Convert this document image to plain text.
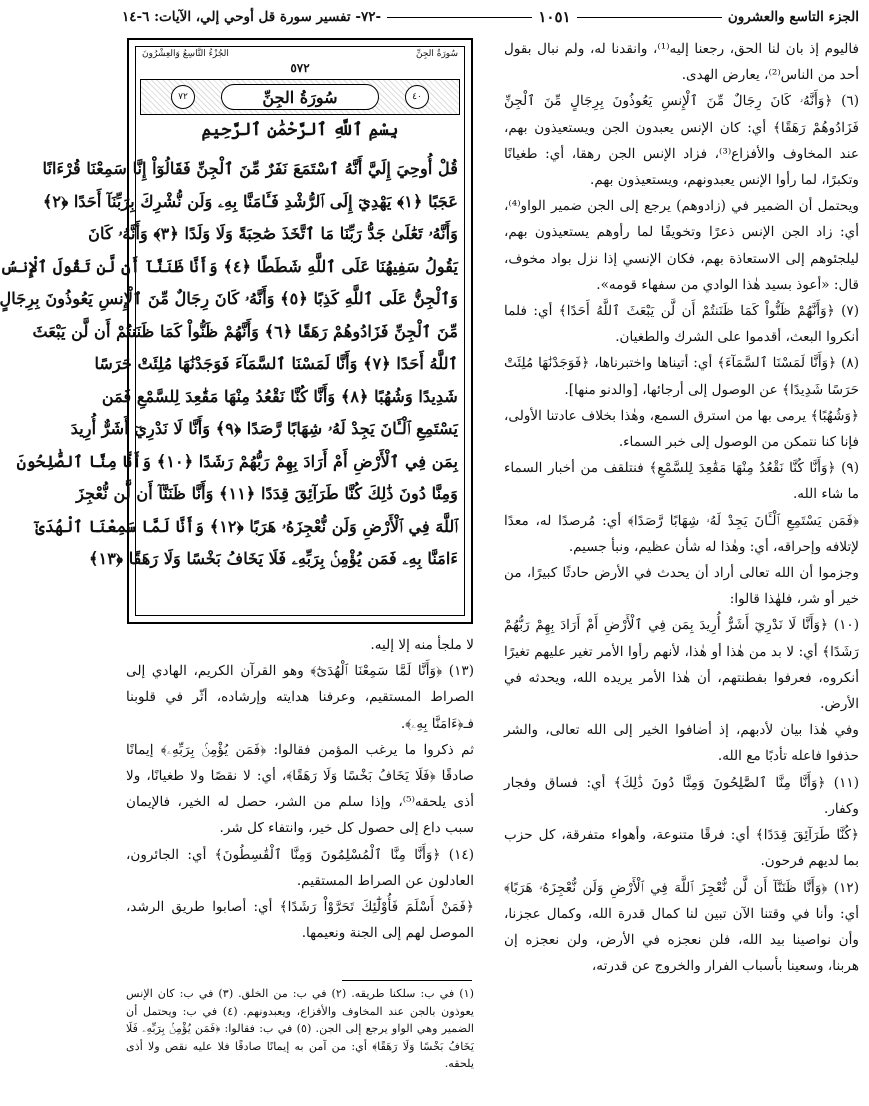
الجزء التاسع والعشرون
١٠٥١
-٧٢- تفسير سورة قل أوحي إلي، الآيات: ٦-١٤

فاليوم إذ بان لنا الحق، رجعنا إليه⁽¹⁾، وانقدنا له، ولم نبال بقول أحد من الناس⁽²⁾، يعارض الهدى.

(٦) ﴿وَأَنَّهُۥ كَانَ رِجَالٌ مِّنَ ٱلْإِنسِ يَعُوذُونَ بِرِجَالٍ مِّنَ ٱلْجِنِّ فَزَادُوهُمْ رَهَقًا﴾ أي: كان الإنس يعبدون الجن ويستعيذون بهم، عند المخاوف والأفزاع⁽³⁾، فزاد الإنس الجن رهقا، أي: طغيانًا وتكبرًا، لما رأوا الإنس يعبدونهم، ويستعيذون بهم.

ويحتمل أن الضمير في (زادوهم) يرجع إلى الجن ضمير الواو⁽⁴⁾، أي: زاد الجن الإنس ذعرًا وتخويفًا لما رأوهم يستعيذون بهم، ليلجئوهم إلى الاستعاذة بهم، فكان الإنسي إذا نزل بواد مخوف، قال: «أعوذ بسيد هٰذا الوادي من سفهاء قومه».

(٧) ﴿وَأَنَّهُمْ ظَنُّواْ كَمَا ظَنَنتُمْ أَن لَّن يَبْعَثَ ٱللَّهُ أَحَدًا﴾ أي: فلما أنكروا البعث، أقدموا على الشرك والطغيان.

(٨) ﴿وَأَنَّا لَمَسْنَا ٱلسَّمَآءَ﴾ أي: أتيناها واختبرناها، ﴿فَوَجَدْنَٰهَا مُلِئَتْ حَرَسًا شَدِيدًا﴾ عن الوصول إلى أرجائها، [والدنو منها].

﴿وَشُهُبًا﴾ يرمى بها من استرق السمع، وهٰذا بخلاف عادتنا الأولى، فإنا كنا نتمكن من الوصول إلى خبر السماء.

(٩) ﴿وَأَنَّا كُنَّا نَقْعُدُ مِنْهَا مَقَٰعِدَ لِلسَّمْعِ﴾ فنتلقف من أخبار السماء ما شاء الله.

﴿فَمَن يَسْتَمِعِ ٱلْـَٔانَ يَجِدْ لَهُۥ شِهَابًا رَّصَدًا﴾ أي: مُرصدًا له، معدًا لإتلافه وإحراقه، أي: وهٰذا له شأن عظيم، ونبأ جسيم.

وجزموا أن الله تعالى أراد أن يحدث في الأرض حادثًا كبيرًا، من خير أو شر، فلهٰذا قالوا:

(١٠) ﴿وَأَنَّا لَا نَدْرِيٓ أَشَرٌّ أُرِيدَ بِمَن فِي ٱلْأَرْضِ أَمْ أَرَادَ بِهِمْ رَبُّهُمْ رَشَدًا﴾ أي: لا بد من هٰذا أو هٰذا، لأنهم رأوا الأمر تغير عليهم تغيرًا أنكروه، فعرفوا بفطنتهم، أن هٰذا الأمر يريده الله، ويحدثه في الأرض.

وفي هٰذا بيان لأدبهم، إذ أضافوا الخير إلى الله تعالى، والشر حذفوا فاعله تأدبًا مع الله.

(١١) ﴿وَأَنَّا مِنَّا ٱلصَّٰلِحُونَ وَمِنَّا دُونَ ذَٰلِكَ﴾ أي: فساق وفجار وكفار.

﴿كُنَّا طَرَآئِقَ قِدَدًا﴾ أي: فرقًا متنوعة، وأهواء متفرقة، كل حزب بما لديهم فرحون.

(١٢) ﴿وَأَنَّا ظَنَنَّآ أَن لَّن نُّعْجِزَ ٱللَّهَ فِي ٱلْأَرْضِ وَلَن نُّعْجِزَهُۥ هَرَبًا﴾ أي: وأنا في وقتنا الآن تبين لنا كمال قدرة الله، وكمال عجزنا، وأن نواصينا بيد الله، فلن نعجزه في الأرض، ولن نعجزه إن هربنا، وسعينا بأسباب الفرار والخروج عن قدرته،

سُورَةُ الجِنِّ
الجُزْءُ التَّاسِعُ وَالعِشْرُونَ
٥٧٢
٤٠
سُورَةُ الجِنِّ
٧٢
بِسْمِ ٱللَّهِ ٱلرَّحْمَٰنِ ٱلرَّحِيمِ
قُلْ أُوحِيَ إِلَيَّ أَنَّهُ ٱسْتَمَعَ نَفَرٌ مِّنَ ٱلْجِنِّ فَقَالُوٓاْ إِنَّا سَمِعْنَا قُرْءَانًا
عَجَبًا ﴿١﴾ يَهْدِيٓ إِلَى ٱلرُّشْدِ فَـَٔامَنَّا بِهِۦ وَلَن نُّشْرِكَ بِرَبِّنَآ أَحَدًا ﴿٢﴾
وَأَنَّهُۥ تَعَٰلَىٰ جَدُّ رَبِّنَا مَا ٱتَّخَذَ صَٰحِبَةً وَلَا وَلَدًا ﴿٣﴾ وَأَنَّهُۥ كَانَ
يَقُولُ سَفِيهُنَا عَلَى ٱللَّهِ شَطَطًا ﴿٤﴾ وَأَنَّا ظَنَنَّآ أَن لَّن تَقُولَ ٱلْإِنسُ
وَٱلْجِنُّ عَلَى ٱللَّهِ كَذِبًا ﴿٥﴾ وَأَنَّهُۥ كَانَ رِجَالٌ مِّنَ ٱلْإِنسِ يَعُوذُونَ بِرِجَالٍ
مِّنَ ٱلْجِنِّ فَزَادُوهُمْ رَهَقًا ﴿٦﴾ وَأَنَّهُمْ ظَنُّواْ كَمَا ظَنَنتُمْ أَن لَّن يَبْعَثَ
ٱللَّهُ أَحَدًا ﴿٧﴾ وَأَنَّا لَمَسْنَا ٱلسَّمَآءَ فَوَجَدْنَٰهَا مُلِئَتْ حَرَسًا
شَدِيدًا وَشُهُبًا ﴿٨﴾ وَأَنَّا كُنَّا نَقْعُدُ مِنْهَا مَقَٰعِدَ لِلسَّمْعِ فَمَن
يَسْتَمِعِ ٱلْـَٔانَ يَجِدْ لَهُۥ شِهَابًا رَّصَدًا ﴿٩﴾ وَأَنَّا لَا نَدْرِيٓ أَشَرٌّ أُرِيدَ
بِمَن فِي ٱلْأَرْضِ أَمْ أَرَادَ بِهِمْ رَبُّهُمْ رَشَدًا ﴿١٠﴾ وَأَنَّا مِنَّا ٱلصَّٰلِحُونَ
وَمِنَّا دُونَ ذَٰلِكَ كُنَّا طَرَآئِقَ قِدَدًا ﴿١١﴾ وَأَنَّا ظَنَنَّآ أَن لَّن نُّعْجِزَ
ٱللَّهَ فِي ٱلْأَرْضِ وَلَن نُّعْجِزَهُۥ هَرَبًا ﴿١٢﴾ وَأَنَّا لَمَّا سَمِعْنَا ٱلْهُدَىٰٓ
ءَامَنَّا بِهِۦ فَمَن يُؤْمِنۢ بِرَبِّهِۦ فَلَا يَخَافُ بَخْسًا وَلَا رَهَقًا ﴿١٣﴾

لا ملجأ منه إلا إليه.

(١٣) ﴿وَأَنَّا لَمَّا سَمِعْنَا ٱلْهُدَىٰٓ﴾ وهو القرآن الكريم، الهادي إلى الصراط المستقيم، وعرفنا هدايته وإرشاده، أثّر في قلوبنا فـ﴿ءَامَنَّا بِهِۦ﴾.

ثم ذكروا ما يرغب المؤمن فقالوا: ﴿فَمَن يُؤْمِنۢ بِرَبِّهِۦ﴾ إيمانًا صادقًا ﴿فَلَا يَخَافُ بَخْسًا وَلَا رَهَقًا﴾، أي: لا نقصًا ولا طغيانًا، ولا أذى يلحقه⁽⁵⁾، وإذا سلم من الشر، حصل له الخير، فالإيمان سبب داع إلى حصول كل خير، وانتفاء كل شر.

(١٤) ﴿وَأَنَّا مِنَّا ٱلْمُسْلِمُونَ وَمِنَّا ٱلْقَٰسِطُونَ﴾ أي: الجائرون، العادلون عن الصراط المستقيم.

﴿فَمَنْ أَسْلَمَ فَأُوْلَٰٓئِكَ تَحَرَّوْاْ رَشَدًا﴾ أي: أصابوا طريق الرشد، الموصل لهم إلى الجنة ونعيمها.

(١) في ب: سلكنا طريقه. (٢) في ب: من الخلق. (٣) في ب: كان الإنس يعوذون بالجن عند المخاوف والأفزاع، ويعبدونهم. (٤) في ب: ويحتمل أن الضمير وهي الواو يرجع إلى الجن. (٥) في ب: فقالوا: ﴿فَمَن يُؤْمِنۢ بِرَبِّهِۦ فَلَا يَخَافُ بَخْسًا وَلَا رَهَقًا﴾ أي: من آمن به إيمانًا صادقًا فلا عليه نقص ولا أذى يلحقه.
